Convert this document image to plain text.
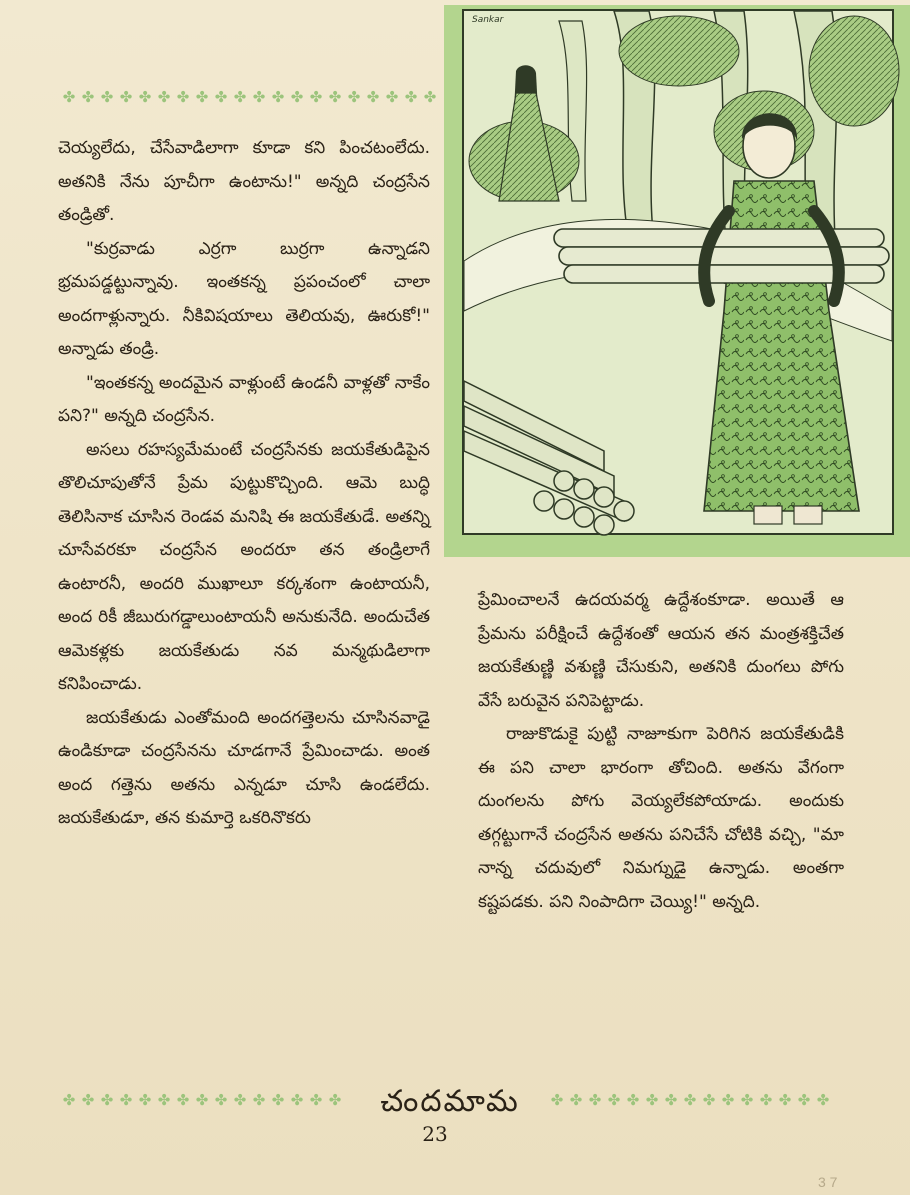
✤ ✤ ✤ ✤ ✤ ✤ ✤ ✤ ✤ ✤ ✤ ✤ ✤ ✤ ✤ ✤ ✤ ✤ ✤ ✤

చెయ్యలేదు, చేసేవాడిలాగా కూడా కని పించటంలేదు. అతనికి నేను పూచీగా ఉంటాను!" అన్నది చంద్రసేన తండ్రితో.

"కుర్రవాడు ఎర్రగా బుర్రగా ఉన్నాడని భ్రమపడ్డట్టున్నావు. ఇంతకన్న ప్రపంచంలో చాలా అందగాళ్లున్నారు. నీకివిషయాలు తెలియవు, ఊరుకో!" అన్నాడు తండ్రి.

"ఇంతకన్న అందమైన వాళ్లుంటే ఉండనీ వాళ్లతో నాకేం పని?" అన్నది చంద్రసేన.

అసలు రహస్యమేమంటే చంద్రసేనకు జయకేతుడిపైన తొలిచూపుతోనే ప్రేమ పుట్టుకొచ్చింది. ఆమె బుద్ధి తెలిసినాక చూసిన రెండవ మనిషి ఈ జయకేతుడే. అతన్ని చూసేవరకూ చంద్రసేన అందరూ తన తండ్రిలాగే ఉంటారనీ, అందరి ముఖాలూ కర్కశంగా ఉంటాయనీ, అంద రికీ జీబురుగడ్డాలుంటాయనీ అనుకునేది. అందుచేత ఆమెకళ్లకు జయకేతుడు నవ మన్మథుడిలాగా కనిపించాడు.

జయకేతుడు ఎంతోమంది అందగత్తెలను చూసినవాడై ఉండికూడా చంద్రసేనను చూడగానే ప్రేమించాడు. అంత అంద గత్తెను అతను ఎన్నడూ చూసి ఉండలేదు. జయకేతుడూ, తన కుమార్తె ఒకరినొకరు

Sankar

ప్రేమించాలనే ఉదయవర్మ ఉద్దేశంకూడా. అయితే ఆ ప్రేమను పరీక్షించే ఉద్దేశంతో ఆయన తన మంత్రశక్తిచేత జయకేతుణ్ణి వశుణ్ణి చేసుకుని, అతనికి దుంగలు పోగు వేసే బరువైన పనిపెట్టాడు.

రాజుకొడుకై పుట్టి నాజూకుగా పెరిగిన జయకేతుడికి ఈ పని చాలా భారంగా తోచింది. అతను వేగంగా దుంగలను పోగు వెయ్యలేకపోయాడు. అందుకు తగ్గట్టుగానే చంద్రసేన అతను పనిచేసే చోటికి వచ్చి, "మా నాన్న చదువులో నిమగ్నుడై ఉన్నాడు. అంతగా కష్టపడకు. పని నింపాదిగా చెయ్యి!" అన్నది.

✤ ✤ ✤ ✤ ✤ ✤ ✤ ✤ ✤ ✤ ✤ ✤ ✤ ✤ ✤	చందమామ	✤ ✤ ✤ ✤ ✤ ✤ ✤ ✤ ✤ ✤ ✤ ✤ ✤ ✤ ✤
23
3 7
